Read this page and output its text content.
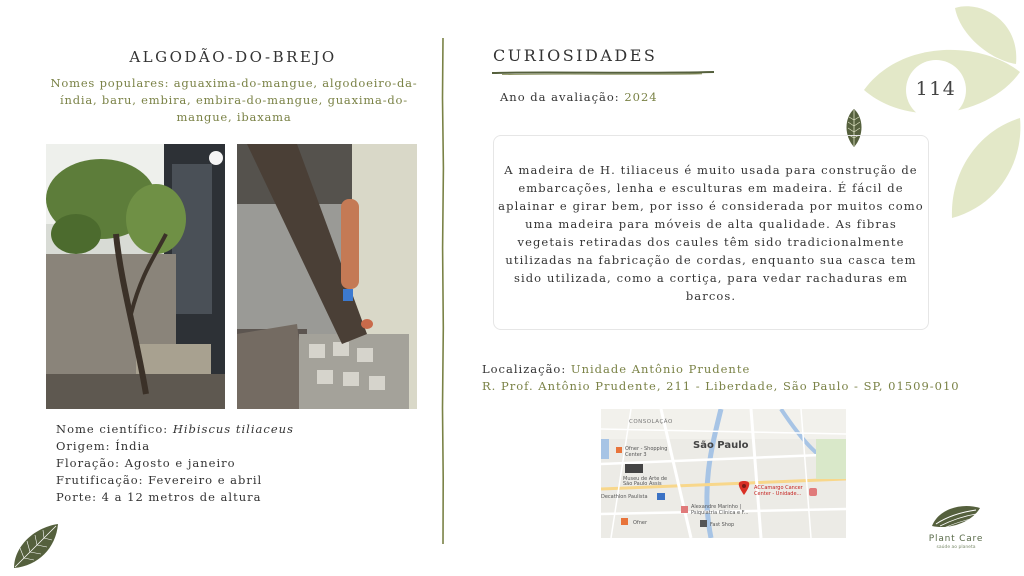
114
ALGODÃO-DO-BREJO
Nomes populares: aguaxima-do-mangue, algodoeiro-da-índia, baru, embira, embira-do-mangue, guaxima-do-mangue, ibaxama
Nome científico: Hibiscus tiliaceus
Origem: Índia
Floração: Agosto e janeiro
Frutificação: Fevereiro e abril
Porte: 4 a 12 metros de altura
CURIOSIDADES
Ano da avaliação: 2024

A madeira de H. tiliaceus é muito usada para construção de embarcações, lenha e esculturas em madeira. É fácil de aplainar e girar bem, por isso é considerada por muitos como uma madeira para móveis de alta qualidade. As fibras vegetais retiradas dos caules têm sido tradicionalmente utilizadas na fabricação de cordas, enquanto sua casca tem sido utilizada, como a cortiça, para vedar rachaduras em barcos.

Localização: Unidade Antônio Prudente
R. Prof. Antônio Prudente, 211 - Liberdade, São Paulo - SP, 01509-010
CONSOLAÇÃO
São Paulo
Ofner - Shopping
Center 3
Museu de Arte de
São Paulo Assis
Decathlon Paulista
ACCamargo Cancer
Center - Unidade...
Alexandre Marinho |
Psiquiatria Clínica e F...
Ofner	Fast Shop
Plant Care
saúde ao planeta
